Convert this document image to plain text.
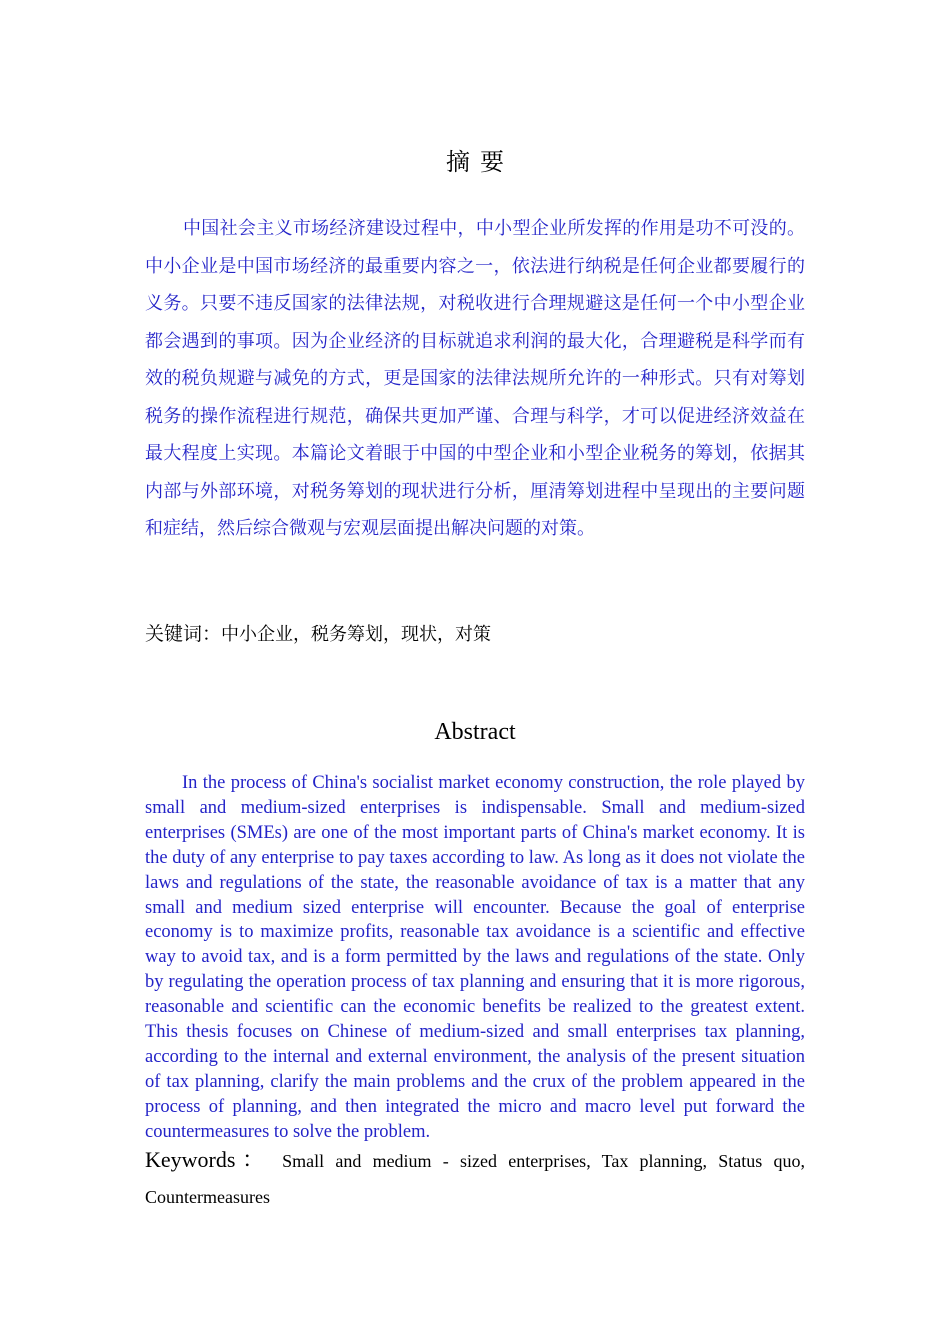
摘要

中国社会主义市场经济建设过程中，中小型企业所发挥的作用是功不可没的。中小企业是中国市场经济的最重要内容之一，依法进行纳税是任何企业都要履行的义务。只要不违反国家的法律法规，对税收进行合理规避这是任何一个中小型企业都会遇到的事项。因为企业经济的目标就追求利润的最大化，合理避税是科学而有效的税负规避与减免的方式，更是国家的法律法规所允许的一种形式。只有对筹划税务的操作流程进行规范，确保共更加严谨、合理与科学，才可以促进经济效益在最大程度上实现。本篇论文着眼于中国的中型企业和小型企业税务的筹划，依据其内部与外部环境，对税务筹划的现状进行分析，厘清筹划进程中呈现出的主要问题和症结，然后综合微观与宏观层面提出解决问题的对策。

关键词：中小企业，税务筹划，现状，对策

Abstract

In the process of China's socialist market economy construction, the role played by small and medium-sized enterprises is indispensable. Small and medium-sized enterprises (SMEs) are one of the most important parts of China's market economy. It is the duty of any enterprise to pay taxes according to law. As long as it does not violate the laws and regulations of the state, the reasonable avoidance of tax is a matter that any small and medium sized enterprise will encounter. Because the goal of enterprise economy is to maximize profits, reasonable tax avoidance is a scientific and effective way to avoid tax, and is a form permitted by the laws and regulations of the state. Only by regulating the operation process of tax planning and ensuring that it is more rigorous, reasonable and scientific can the economic benefits be realized to the greatest extent. This thesis focuses on Chinese of medium-sized and small enterprises tax planning, according to the internal and external environment, the analysis of the present situation of tax planning, clarify the main problems and the crux of the problem appeared in the process of planning, and then integrated the micro and macro level put forward the countermeasures to solve the problem.

Keywords： Small and medium - sized enterprises, Tax planning, Status quo, Countermeasures
